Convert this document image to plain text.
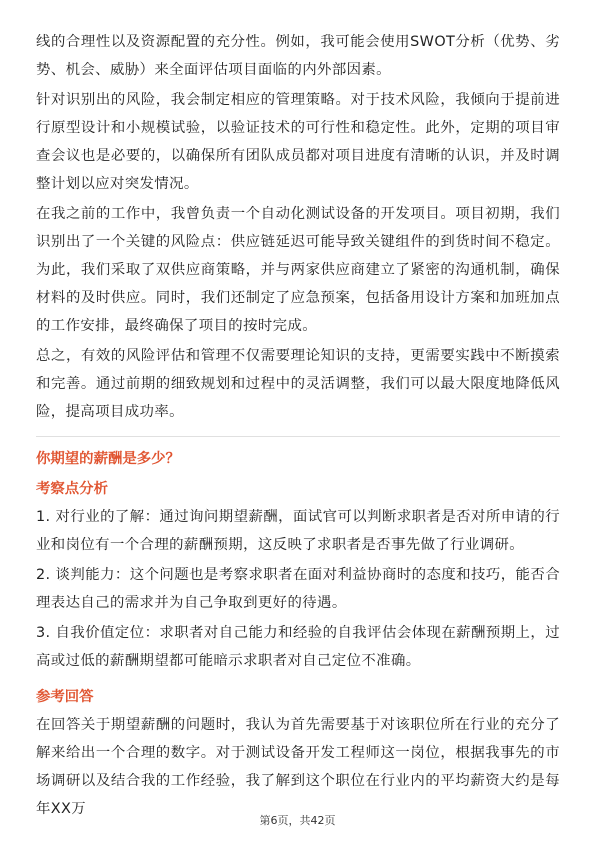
线的合理性以及资源配置的充分性。例如，我可能会使用SWOT分析（优势、劣势、机会、威胁）来全面评估项目面临的内外部因素。

针对识别出的风险，我会制定相应的管理策略。对于技术风险，我倾向于提前进行原型设计和小规模试验，以验证技术的可行性和稳定性。此外，定期的项目审查会议也是必要的，以确保所有团队成员都对项目进度有清晰的认识，并及时调整计划以应对突发情况。

在我之前的工作中，我曾负责一个自动化测试设备的开发项目。项目初期，我们识别出了一个关键的风险点：供应链延迟可能导致关键组件的到货时间不稳定。为此，我们采取了双供应商策略，并与两家供应商建立了紧密的沟通机制，确保材料的及时供应。同时，我们还制定了应急预案，包括备用设计方案和加班加点的工作安排，最终确保了项目的按时完成。

总之，有效的风险评估和管理不仅需要理论知识的支持，更需要实践中不断摸索和完善。通过前期的细致规划和过程中的灵活调整，我们可以最大限度地降低风险，提高项目成功率。

你期望的薪酬是多少？
考察点分析

1. 对行业的了解：通过询问期望薪酬，面试官可以判断求职者是否对所申请的行业和岗位有一个合理的薪酬预期，这反映了求职者是否事先做了行业调研。

2. 谈判能力：这个问题也是考察求职者在面对利益协商时的态度和技巧，能否合理表达自己的需求并为自己争取到更好的待遇。

3. 自我价值定位：求职者对自己能力和经验的自我评估会体现在薪酬预期上，过高或过低的薪酬期望都可能暗示求职者对自己定位不准确。

参考回答

在回答关于期望薪酬的问题时，我认为首先需要基于对该职位所在行业的充分了解来给出一个合理的数字。对于测试设备开发工程师这一岗位，根据我事先的市场调研以及结合我的工作经验，我了解到这个职位在行业内的平均薪资大约是每年XX万

第6页，共42页
